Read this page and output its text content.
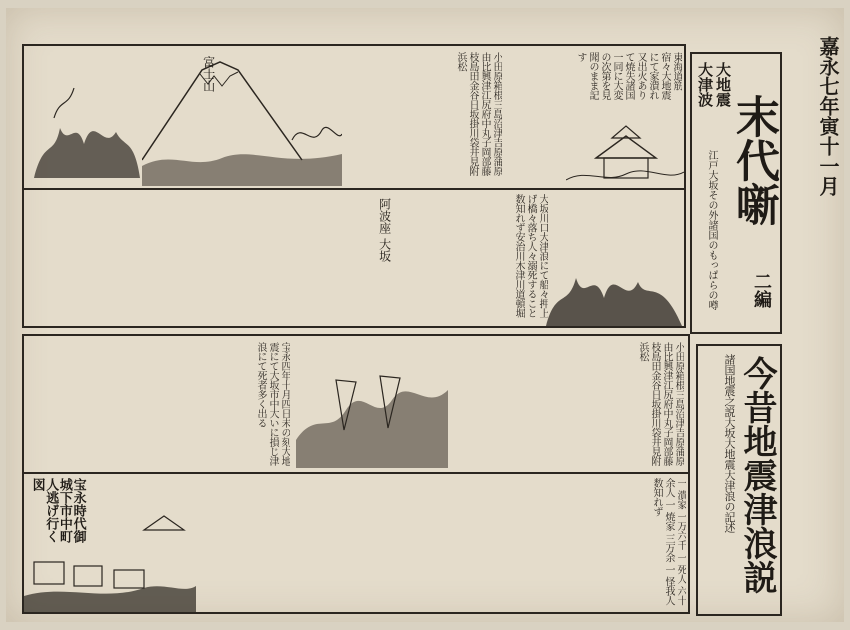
嘉永七年寅十一月
大地震
大津波
末代噺
江戸大坂その外諸国のもっぱらの噂 二編
今昔地震津浪説
諸国地震之説大坂大地震大津浪の記述
富士山	小田原箱根三島沼津吉原蒲原由比興津江尻府中丸子岡部藤枝島田金谷日坂掛川袋井見附浜松	東海道筋宿々大地震にて家潰れ又出火ありて焼失諸国一同に大変の次第を見聞のまま記す
大坂川口大津浪にて船々押上げ橋々落ち人々溺死すること数知れず安治川木津川道頓堀
阿波座 大坂
宝永四年十月四日未の刻大地震にて大坂市中大いに損じ津浪にて死者多く出る	小田原箱根三島沼津吉原蒲原由比興津江尻府中丸子岡部藤枝島田金谷日坂掛川袋井見附浜松
宝永時代御城下市中町人逃げ行く図	一 潰家 一万六千 一 死人 六十余人 一 焼家 三万余 一 怪我人 数知れず
